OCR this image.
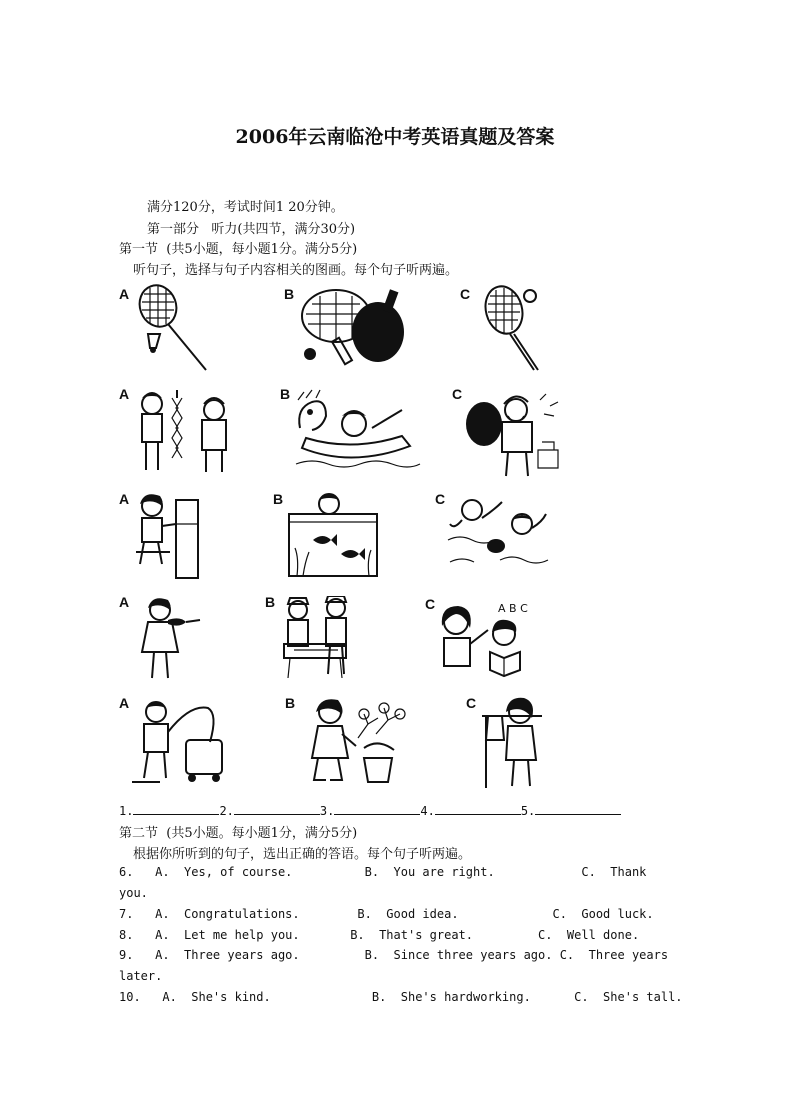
2006年云南临沧中考英语真题及答案
满分120分，考试时间1 20分钟。
第一部分   听力(共四节，满分30分)
第一节  (共5小题，每小题1分。满分5分)
听句子，选择与句子内容相关的图画。每个句子听两遍。
A	B	C
A	B	C
A	B	C
A	B	C	A B C
A	B	C
1.	2.	3.	4.	5.
第二节  (共5小题。每小题1分，满分5分)
根据你所听到的句子，选出正确的答语。每个句子听两遍。
6.   A.  Yes, of course.          B.  You are right.            C.  Thank
you.
7.   A.  Congratulations.        B.  Good idea.             C.  Good luck.
8.   A.  Let me help you.       B.  That's great.         C.  Well done.
9.   A.  Three years ago.         B.  Since three years ago. C.  Three years
later.
10.   A.  She's kind.              B.  She's hardworking.      C.  She's tall.
